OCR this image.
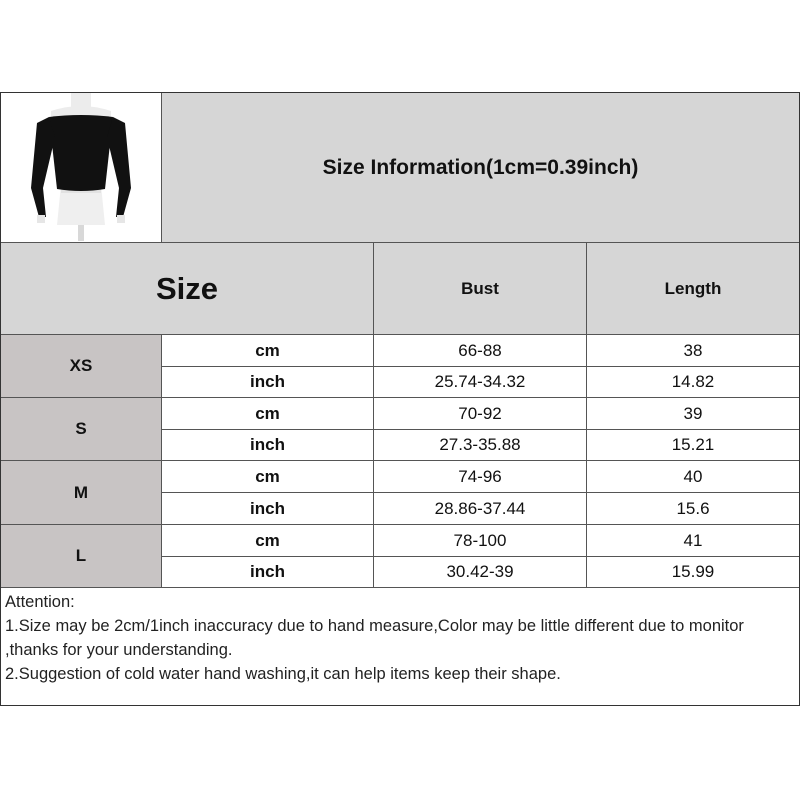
Size Information(1cm=0.39inch)
Size	Bust	Length
XS
cm	66-88	38
inch	25.74-34.32	14.82
S
cm	70-92	39
inch	27.3-35.88	15.21
M
cm	74-96	40
inch	28.86-37.44	15.6
L
cm	78-100	41
inch	30.42-39	15.99
Attention:
1.Size may be 2cm/1inch inaccuracy due to hand measure,Color may be little different due to monitor ,thanks for your understanding.
2.Suggestion of cold water hand washing,it can help items keep their shape.
